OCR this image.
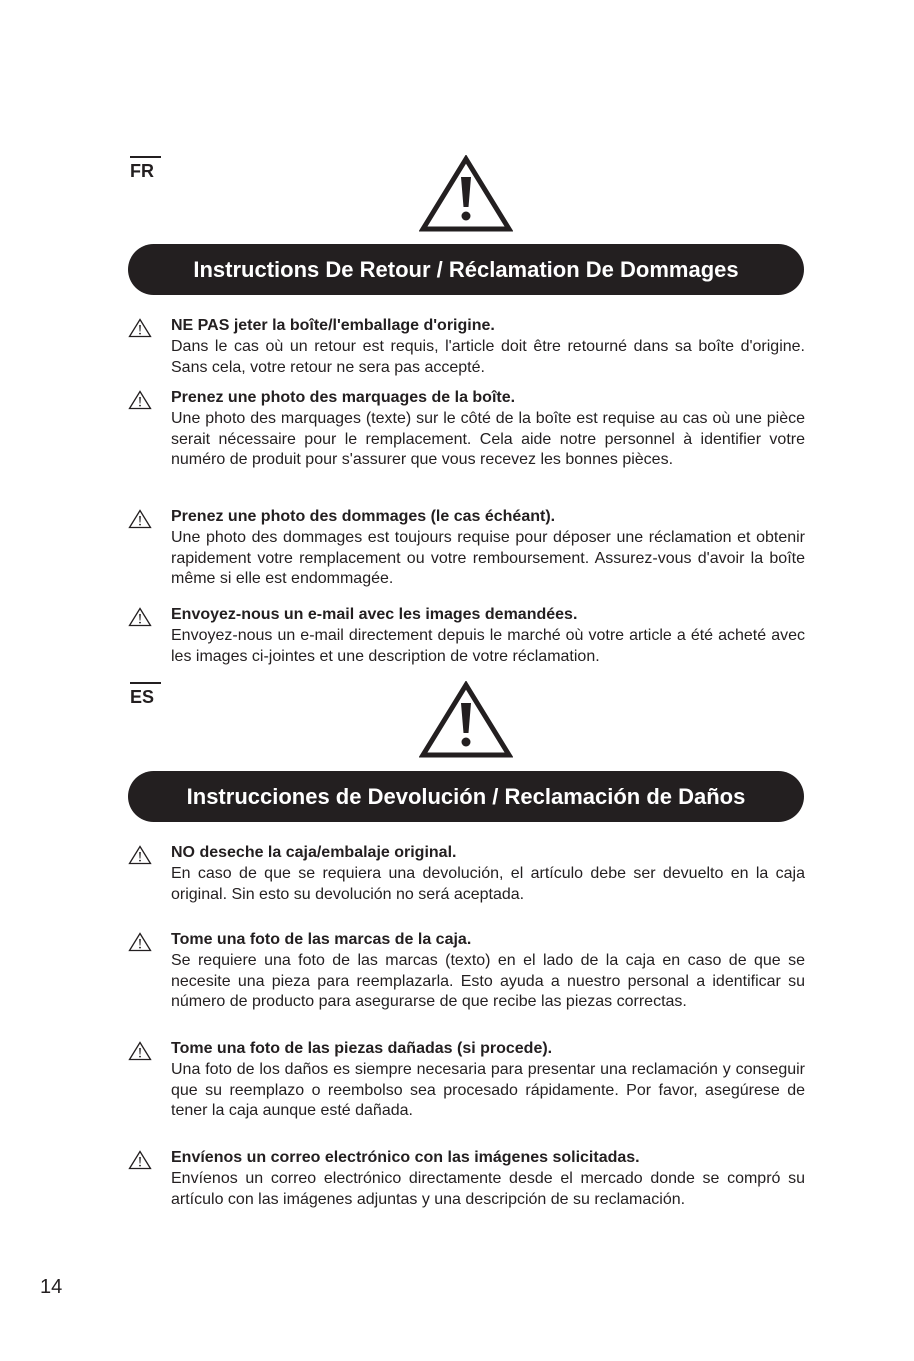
FR
Instructions De Retour / Réclamation De Dommages
NE PAS jeter la boîte/l'emballage d'origine.
Dans le cas où un retour est requis, l'article doit être retourné dans sa boîte d'origine. Sans cela, votre retour ne sera pas accepté.
Prenez une photo des marquages de la boîte.
Une photo des marquages (texte) sur le côté de la boîte est requise au cas où une pièce serait nécessaire pour le remplacement. Cela aide notre personnel à identifier votre numéro de produit pour s'assurer que vous recevez les bonnes pièces.
Prenez une photo des dommages (le cas échéant).
Une photo des dommages est toujours requise pour déposer une réclamation et obtenir rapidement votre remplacement ou votre remboursement. Assurez-vous d'avoir la boîte même si elle est endommagée.
Envoyez-nous un e-mail avec les images demandées.
Envoyez-nous un e-mail directement depuis le marché où votre article a été acheté avec les images ci-jointes et une description de votre réclamation.
ES
Instrucciones de Devolución / Reclamación de Daños
NO deseche la caja/embalaje original.
En caso de que se requiera una devolución, el artículo debe ser devuelto en la caja original. Sin esto su devolución no será aceptada.
Tome una foto de las marcas de la caja.
Se requiere una foto de las marcas (texto) en el lado de la caja en caso de que se necesite una pieza para reemplazarla. Esto ayuda a nuestro personal a identificar su número de producto para asegurarse de que recibe las piezas correctas.
Tome una foto de las piezas dañadas (si procede).
Una foto de los daños es siempre necesaria para presentar una reclamación y conseguir que su reemplazo o reembolso sea procesado rápidamente. Por favor, asegúrese de tener la caja aunque esté dañada.
Envíenos un correo electrónico con las imágenes solicitadas.
Envíenos un correo electrónico directamente desde el mercado donde se compró su artículo con las imágenes adjuntas y una descripción de su reclamación.
14
